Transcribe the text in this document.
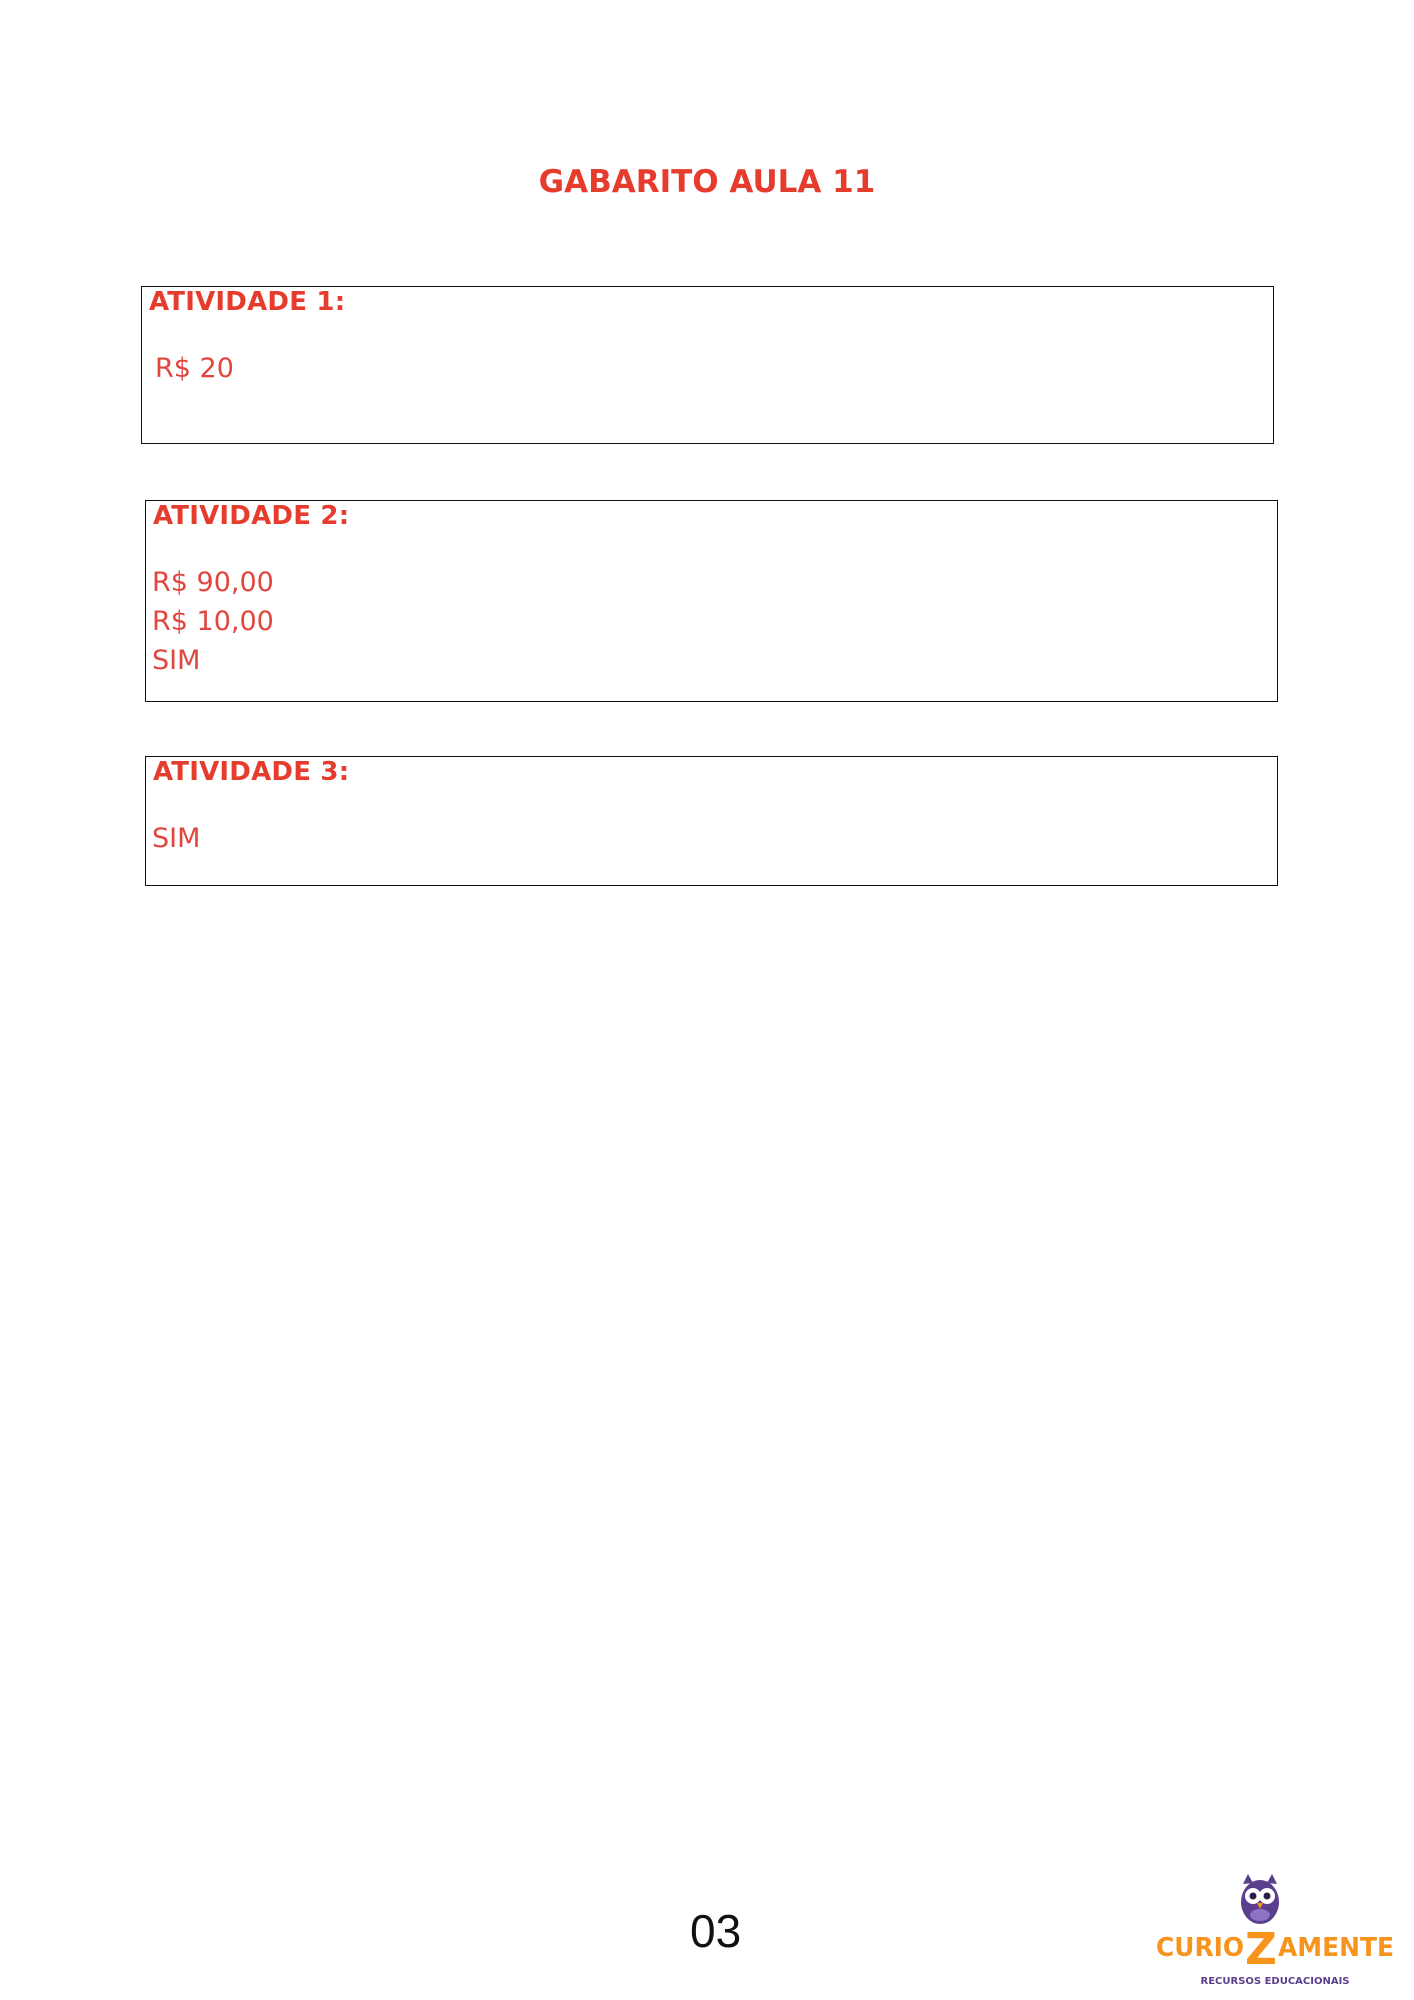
GABARITO AULA 11
ATIVIDADE 1:
R$ 20
ATIVIDADE 2:
R$ 90,00
R$ 10,00
SIM
ATIVIDADE 3:
SIM
03	CURIO Z AMENTE
RECURSOS EDUCACIONAIS
